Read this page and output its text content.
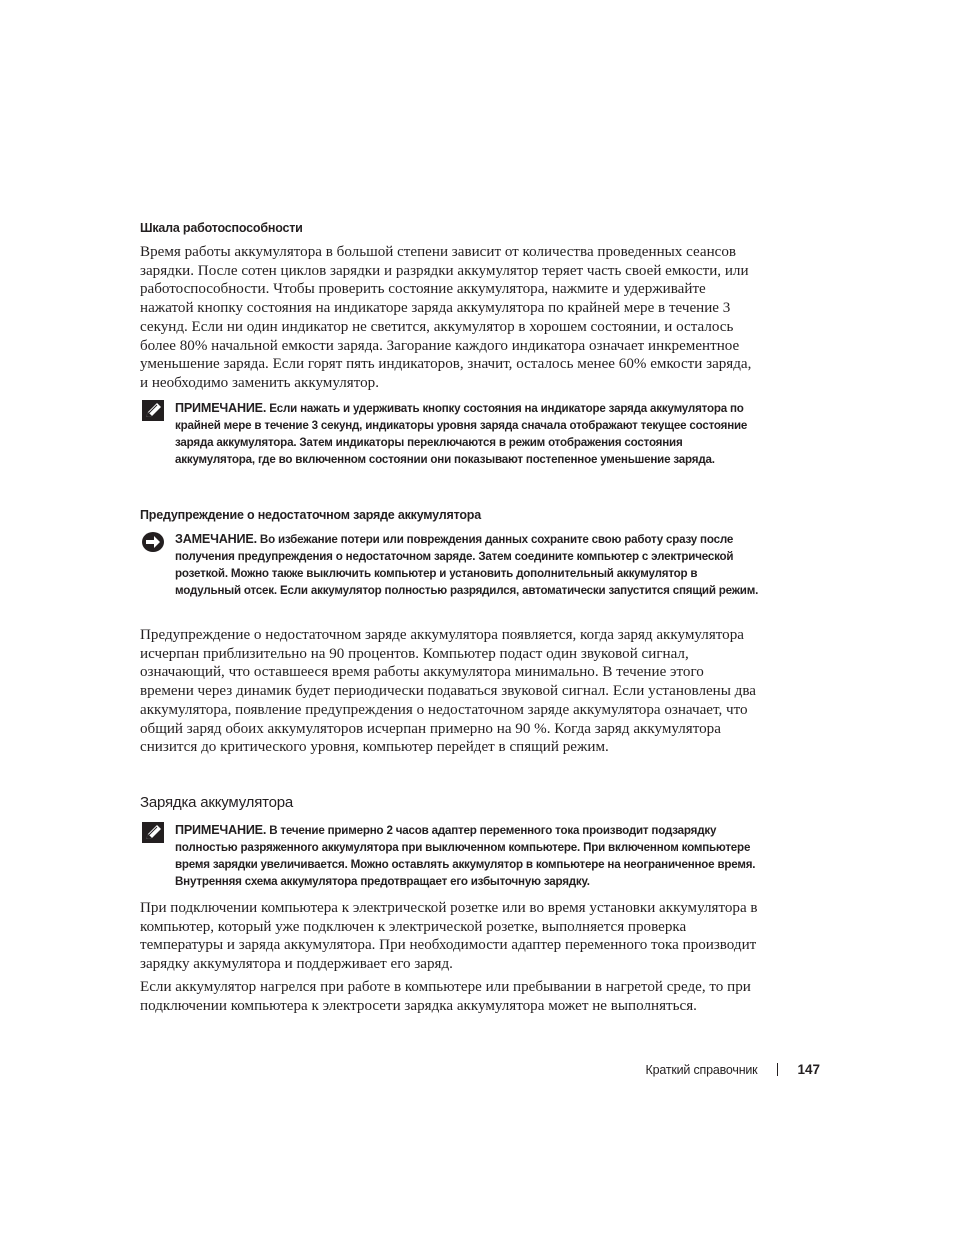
Шкала работоспособности

Время работы аккумулятора в большой степени зависит от количества проведенных сеансов зарядки. После сотен циклов зарядки и разрядки аккумулятор теряет часть своей емкости, или работоспособности. Чтобы проверить состояние аккумулятора, нажмите и удерживайте нажатой кнопку состояния на индикаторе заряда аккумулятора по крайней мере в течение 3 секунд. Если ни один индикатор не светится, аккумулятор в хорошем состоянии, и осталось более 80% начальной емкости заряда. Загорание каждого индикатора означает инкрементное уменьшение заряда. Если горят пять индикаторов, значит, осталось менее 60% емкости заряда, и необходимо заменить аккумулятор.

ПРИМЕЧАНИЕ. Если нажать и удерживать кнопку состояния на индикаторе заряда аккумулятора по крайней мере в течение 3 секунд, индикаторы уровня заряда сначала отображают текущее состояние заряда аккумулятора. Затем индикаторы переключаются в режим отображения состояния аккумулятора, где во включенном состоянии они показывают постепенное уменьшение заряда.
Предупреждение о недостаточном заряде аккумулятора
ЗАМЕЧАНИЕ. Во избежание потери или повреждения данных сохраните свою работу сразу после получения предупреждения о недостаточном заряде. Затем соедините компьютер с электрической розеткой. Можно также выключить компьютер и установить дополнительный аккумулятор в модульный отсек. Если аккумулятор полностью разрядился, автоматически запустится спящий режим.

Предупреждение о недостаточном заряде аккумулятора появляется, когда заряд аккумулятора исчерпан приблизительно на 90 процентов. Компьютер подаст один звуковой сигнал, означающий, что оставшееся время работы аккумулятора минимально. В течение этого времени через динамик будет периодически подаваться звуковой сигнал. Если установлены два аккумулятора, появление предупреждения о недостаточном заряде аккумулятора означает, что общий заряд обоих аккумуляторов исчерпан примерно на 90 %. Когда заряд аккумулятора снизится до критического уровня, компьютер перейдет в спящий режим.

Зарядка аккумулятора
ПРИМЕЧАНИЕ. В течение примерно 2 часов адаптер переменного тока производит подзарядку полностью разряженного аккумулятора при выключенном компьютере. При включенном компьютере время зарядки увеличивается. Можно оставлять аккумулятор в компьютере на неограниченное время. Внутренняя схема аккумулятора предотвращает его избыточную зарядку.

При подключении компьютера к электрической розетке или во время установки аккумулятора в компьютер, который уже подключен к электрической розетке, выполняется проверка температуры и заряда аккумулятора. При необходимости адаптер переменного тока производит зарядку аккумулятора и поддерживает его заряд.

Если аккумулятор нагрелся при работе в компьютере или пребывании в нагретой среде, то при подключении компьютера к электросети зарядка аккумулятора может не выполняться.

Краткий справочник	147
